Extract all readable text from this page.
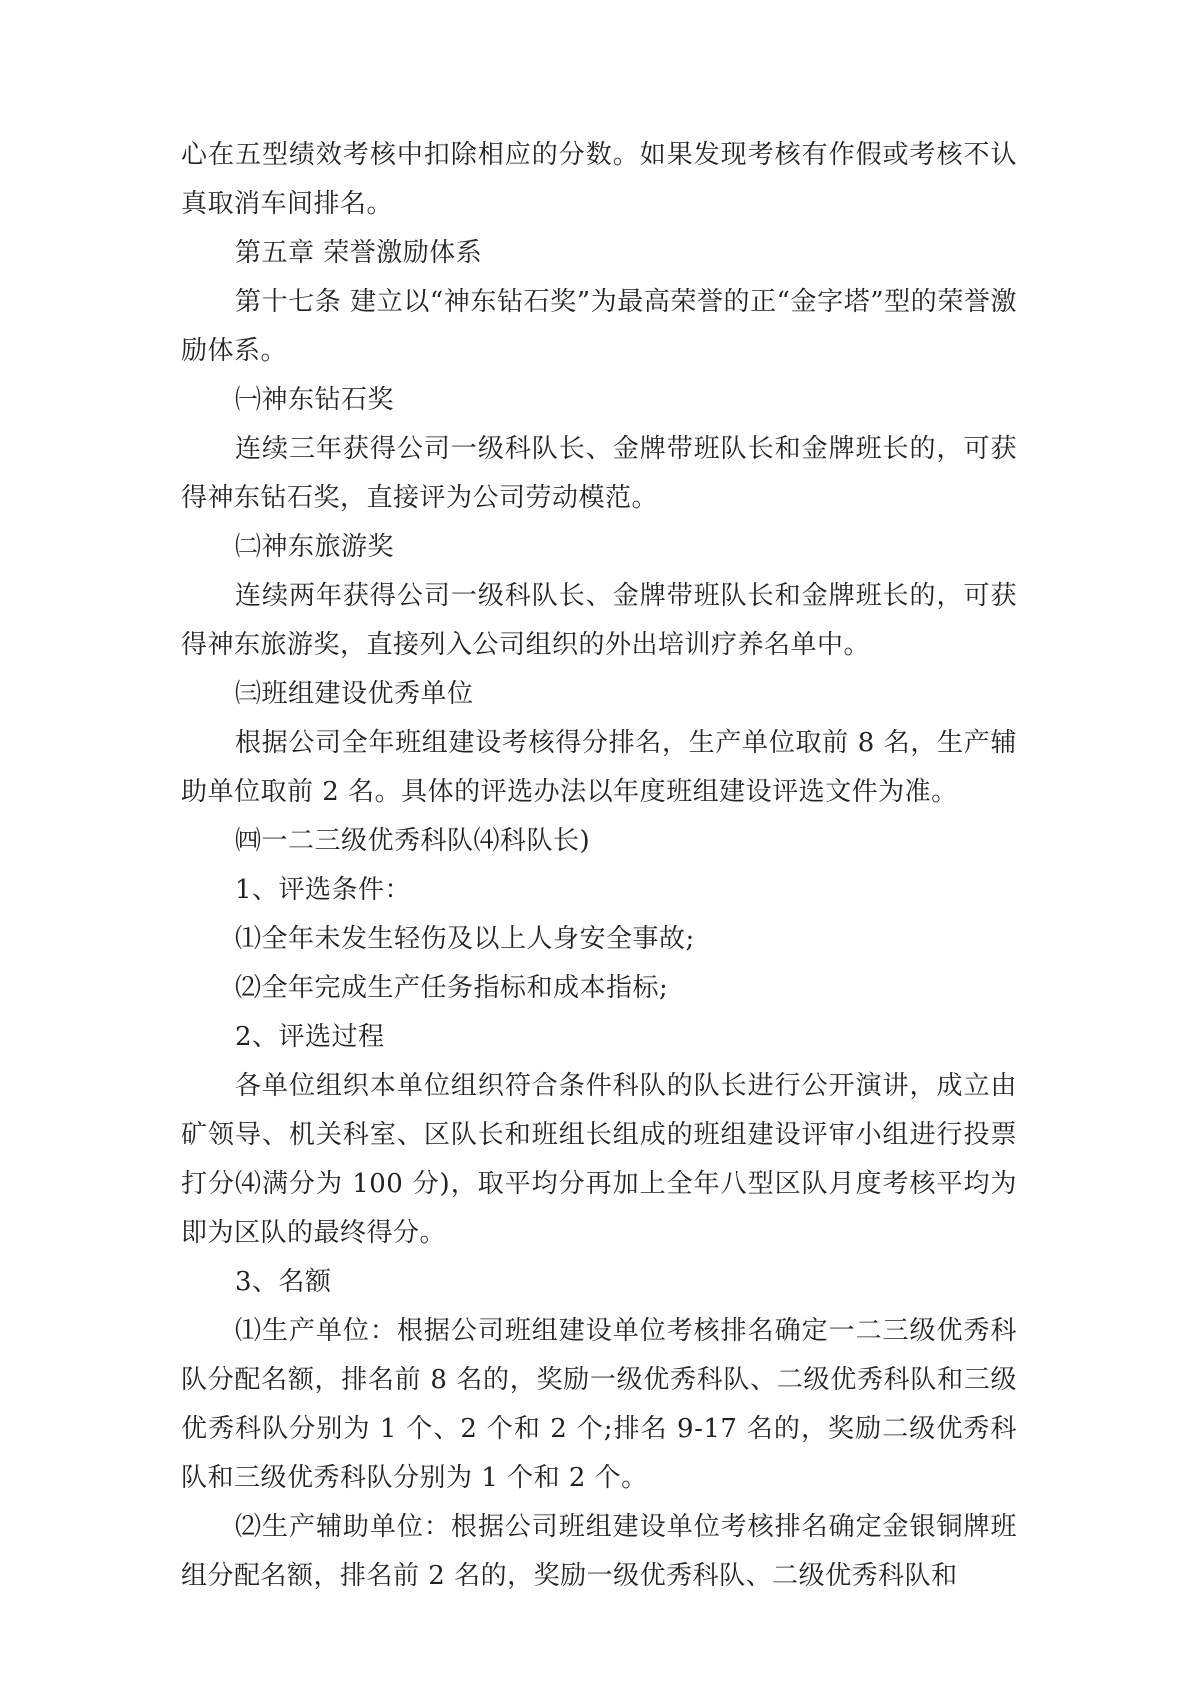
心在五型绩效考核中扣除相应的分数。如果发现考核有作假或考核不认真取消车间排名。

第五章 荣誉激励体系

第十七条 建立以“神东钻石奖”为最高荣誉的正“金字塔”型的荣誉激励体系。

㈠神东钻石奖

连续三年获得公司一级科队长、金牌带班队长和金牌班长的，可获得神东钻石奖，直接评为公司劳动模范。

㈡神东旅游奖

连续两年获得公司一级科队长、金牌带班队长和金牌班长的，可获得神东旅游奖，直接列入公司组织的外出培训疗养名单中。

㈢班组建设优秀单位

根据公司全年班组建设考核得分排名，生产单位取前 8 名，生产辅助单位取前 2 名。具体的评选办法以年度班组建设评选文件为准。

㈣一二三级优秀科队⑷科队长)

1、评选条件：

⑴全年未发生轻伤及以上人身安全事故;

⑵全年完成生产任务指标和成本指标;

2、评选过程

各单位组织本单位组织符合条件科队的队长进行公开演讲，成立由矿领导、机关科室、区队长和班组长组成的班组建设评审小组进行投票打分⑷满分为 100 分)，取平均分再加上全年八型区队月度考核平均为即为区队的最终得分。

3、名额

⑴生产单位：根据公司班组建设单位考核排名确定一二三级优秀科队分配名额，排名前 8 名的，奖励一级优秀科队、二级优秀科队和三级优秀科队分别为 1 个、2 个和 2 个;排名 9-17 名的，奖励二级优秀科队和三级优秀科队分别为 1 个和 2 个。

⑵生产辅助单位：根据公司班组建设单位考核排名确定金银铜牌班组分配名额，排名前 2 名的，奖励一级优秀科队、二级优秀科队和
